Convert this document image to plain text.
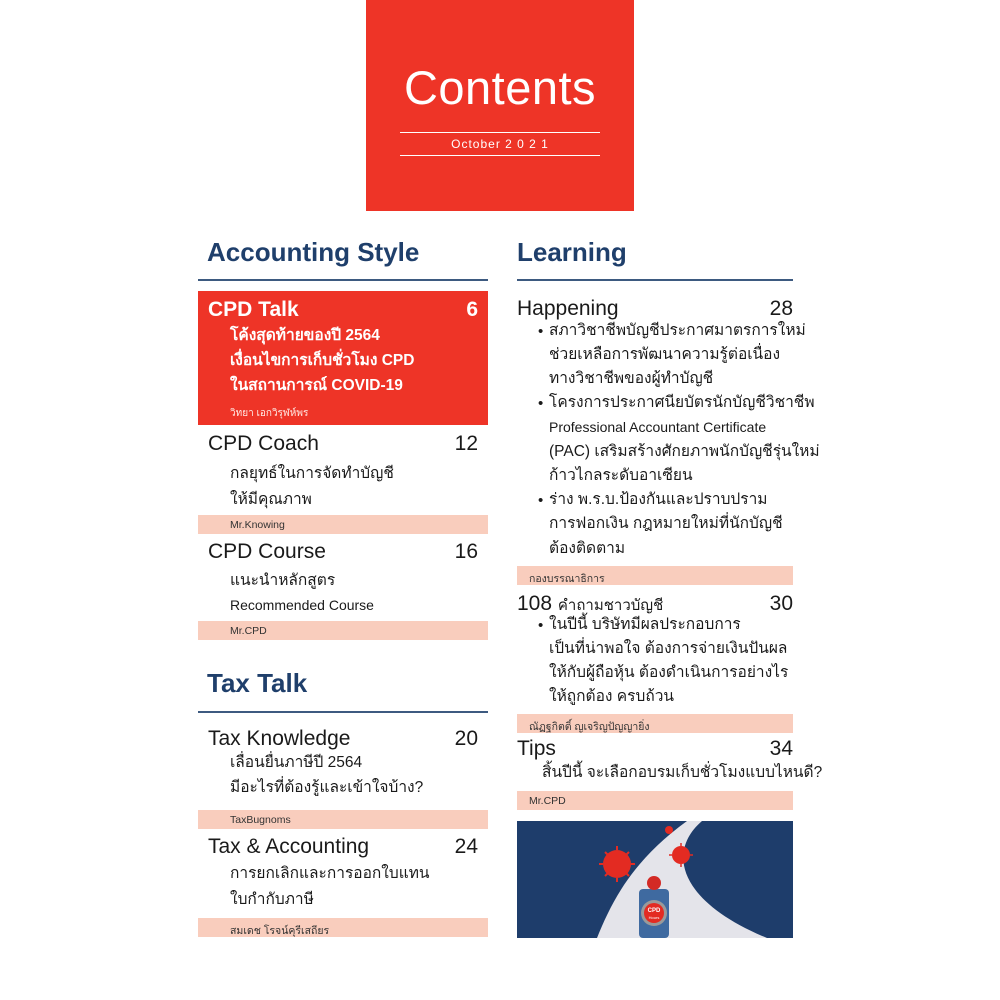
Contents
October 2 0 2 1
Accounting Style
CPD Talk	6
โค้งสุดท้ายของปี 2564
เงื่อนไขการเก็บชั่วโมง CPD
ในสถานการณ์ COVID-19
วิทยา เอกวิรุฬห์พร
CPD Coach	12
กลยุทธ์ในการจัดทำบัญชี
ให้มีคุณภาพ
Mr.Knowing
CPD Course	16
แนะนำหลักสูตร
Recommended Course
Mr.CPD
Tax Talk
Tax Knowledge	20
เลื่อนยื่นภาษีปี 2564
มีอะไรที่ต้องรู้และเข้าใจบ้าง?
TaxBugnoms
Tax & Accounting	24
การยกเลิกและการออกใบแทน
ใบกำกับภาษี
สมเดช โรจน์คุรีเสถียร
Learning
Happening	28
• สภาวิชาชีพบัญชีประกาศมาตรการใหม่
ช่วยเหลือการพัฒนาความรู้ต่อเนื่อง
ทางวิชาชีพของผู้ทำบัญชี
• โครงการประกาศนียบัตรนักบัญชีวิชาชีพ
Professional Accountant Certificate
(PAC) เสริมสร้างศักยภาพนักบัญชีรุ่นใหม่
ก้าวไกลระดับอาเซียน
• ร่าง พ.ร.บ.ป้องกันและปราบปราม
การฟอกเงิน กฎหมายใหม่ที่นักบัญชี
ต้องติดตาม
กองบรรณาธิการ
108 คำถามชาวบัญชี	30
• ในปีนี้ บริษัทมีผลประกอบการ
เป็นที่น่าพอใจ ต้องการจ่ายเงินปันผล
ให้กับผู้ถือหุ้น ต้องดำเนินการอย่างไร
ให้ถูกต้อง ครบถ้วน
ณัฏฐกิตติ์ ญเจริญปัญญายิ่ง
Tips	34
สิ้นปีนี้ จะเลือกอบรมเก็บชั่วโมงแบบไหนดี?
Mr.CPD
CPD
Hours
